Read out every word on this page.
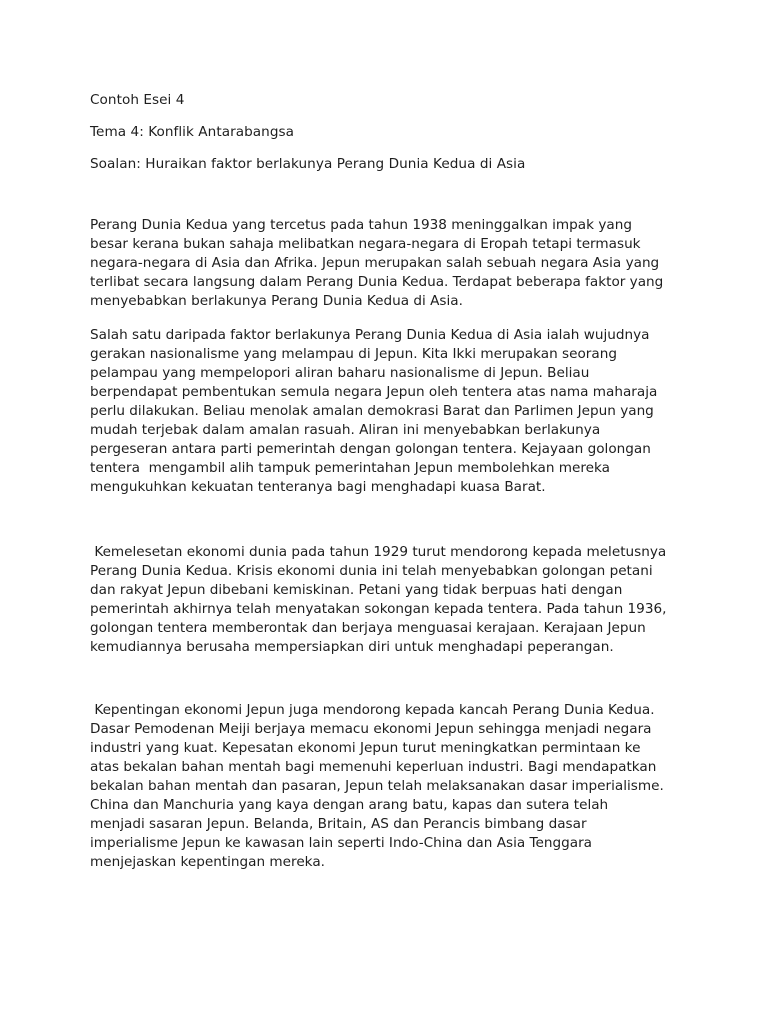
Contoh Esei 4

Tema 4: Konflik Antarabangsa

Soalan: Huraikan faktor berlakunya Perang Dunia Kedua di Asia

Perang Dunia Kedua yang tercetus pada tahun 1938 meninggalkan impak yang
besar kerana bukan sahaja melibatkan negara-negara di Eropah tetapi termasuk
negara-negara di Asia dan Afrika. Jepun merupakan salah sebuah negara Asia yang
terlibat secara langsung dalam Perang Dunia Kedua. Terdapat beberapa faktor yang
menyebabkan berlakunya Perang Dunia Kedua di Asia.

Salah satu daripada faktor berlakunya Perang Dunia Kedua di Asia ialah wujudnya
gerakan nasionalisme yang melampau di Jepun. Kita Ikki merupakan seorang
pelampau yang mempelopori aliran baharu nasionalisme di Jepun. Beliau
berpendapat pembentukan semula negara Jepun oleh tentera atas nama maharaja
perlu dilakukan. Beliau menolak amalan demokrasi Barat dan Parlimen Jepun yang
mudah terjebak dalam amalan rasuah. Aliran ini menyebabkan berlakunya
pergeseran antara parti pemerintah dengan golongan tentera. Kejayaan golongan
tentera  mengambil alih tampuk pemerintahan Jepun membolehkan mereka
mengukuhkan kekuatan tenteranya bagi menghadapi kuasa Barat.

Kemelesetan ekonomi dunia pada tahun 1929 turut mendorong kepada meletusnya
Perang Dunia Kedua. Krisis ekonomi dunia ini telah menyebabkan golongan petani
dan rakyat Jepun dibebani kemiskinan. Petani yang tidak berpuas hati dengan
pemerintah akhirnya telah menyatakan sokongan kepada tentera. Pada tahun 1936,
golongan tentera memberontak dan berjaya menguasai kerajaan. Kerajaan Jepun
kemudiannya berusaha mempersiapkan diri untuk menghadapi peperangan.

Kepentingan ekonomi Jepun juga mendorong kepada kancah Perang Dunia Kedua.
Dasar Pemodenan Meiji berjaya memacu ekonomi Jepun sehingga menjadi negara
industri yang kuat. Kepesatan ekonomi Jepun turut meningkatkan permintaan ke
atas bekalan bahan mentah bagi memenuhi keperluan industri. Bagi mendapatkan
bekalan bahan mentah dan pasaran, Jepun telah melaksanakan dasar imperialisme.
China dan Manchuria yang kaya dengan arang batu, kapas dan sutera telah
menjadi sasaran Jepun. Belanda, Britain, AS dan Perancis bimbang dasar
imperialisme Jepun ke kawasan lain seperti Indo-China dan Asia Tenggara
menjejaskan kepentingan mereka.
